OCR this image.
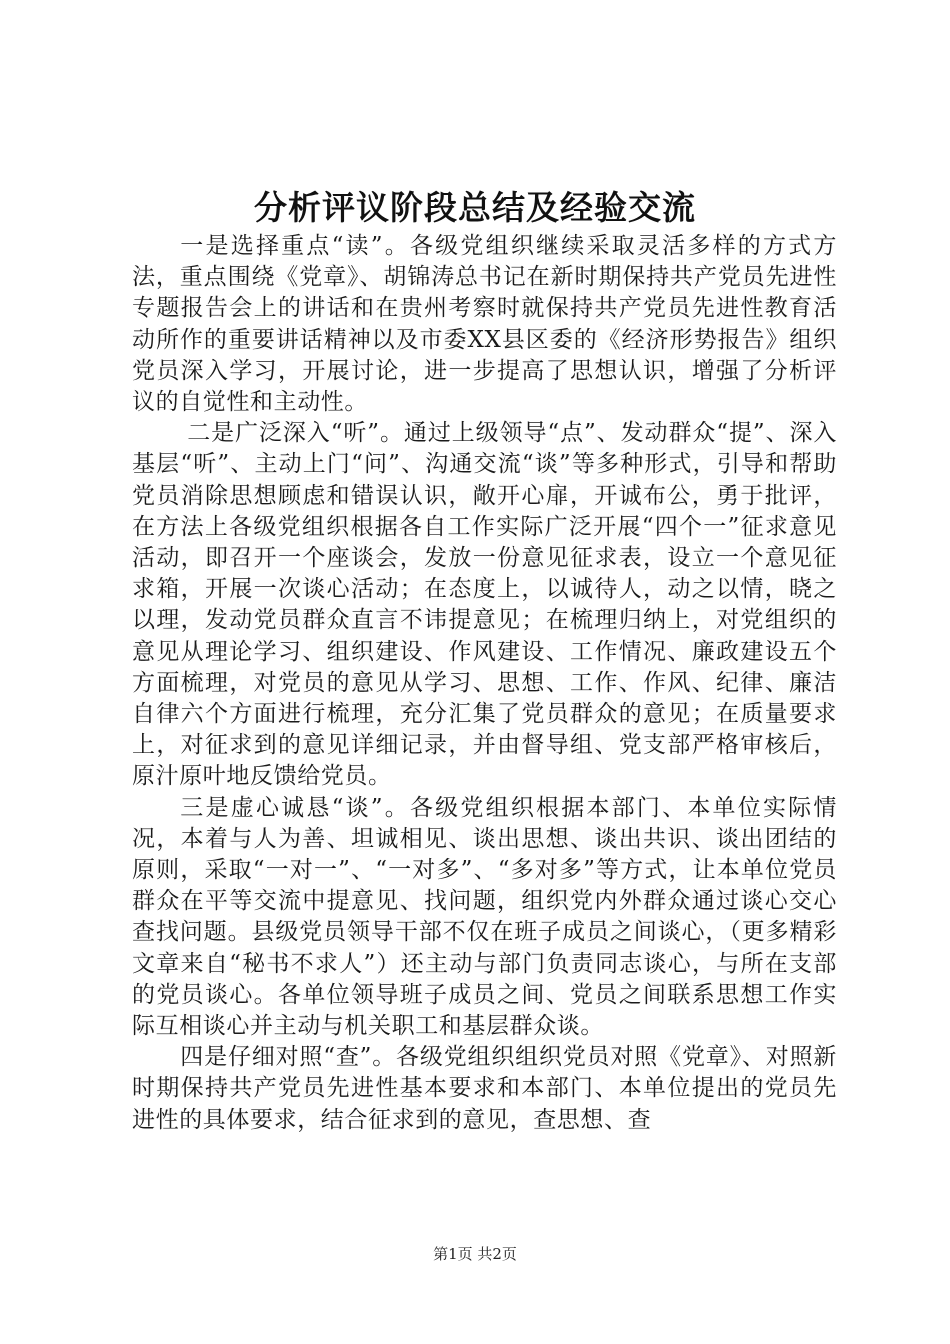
分析评议阶段总结及经验交流

一是选择重点“读”。各级党组织继续采取灵活多样的方式方法，重点围绕《党章》、胡锦涛总书记在新时期保持共产党员先进性专题报告会上的讲话和在贵州考察时就保持共产党员先进性教育活动所作的重要讲话精神以及市委XX县区委的《经济形势报告》组织党员深入学习，开展讨论，进一步提高了思想认识，增强了分析评议的自觉性和主动性。

二是广泛深入“听”。通过上级领导“点”、发动群众“提”、深入基层“听”、主动上门“问”、沟通交流“谈”等多种形式，引导和帮助党员消除思想顾虑和错误认识，敞开心扉，开诚布公，勇于批评，在方法上各级党组织根据各自工作实际广泛开展“四个一”征求意见活动，即召开一个座谈会，发放一份意见征求表，设立一个意见征求箱，开展一次谈心活动；在态度上，以诚待人，动之以情，晓之以理，发动党员群众直言不讳提意见；在梳理归纳上，对党组织的意见从理论学习、组织建设、作风建设、工作情况、廉政建设五个方面梳理，对党员的意见从学习、思想、工作、作风、纪律、廉洁自律六个方面进行梳理，充分汇集了党员群众的意见；在质量要求上，对征求到的意见详细记录，并由督导组、党支部严格审核后，原汁原叶地反馈给党员。

三是虚心诚恳“谈”。各级党组织根据本部门、本单位实际情况，本着与人为善、坦诚相见、谈出思想、谈出共识、谈出团结的原则，采取“一对一”、“一对多”、“多对多”等方式，让本单位党员群众在平等交流中提意见、找问题，组织党内外群众通过谈心交心查找问题。县级党员领导干部不仅在班子成员之间谈心，（更多精彩文章来自“秘书不求人”）还主动与部门负责同志谈心，与所在支部的党员谈心。各单位领导班子成员之间、党员之间联系思想工作实际互相谈心并主动与机关职工和基层群众谈。

四是仔细对照“查”。各级党组织组织党员对照《党章》、对照新时期保持共产党员先进性基本要求和本部门、本单位提出的党员先进性的具体要求，结合征求到的意见，查思想、查

第1页 共2页
